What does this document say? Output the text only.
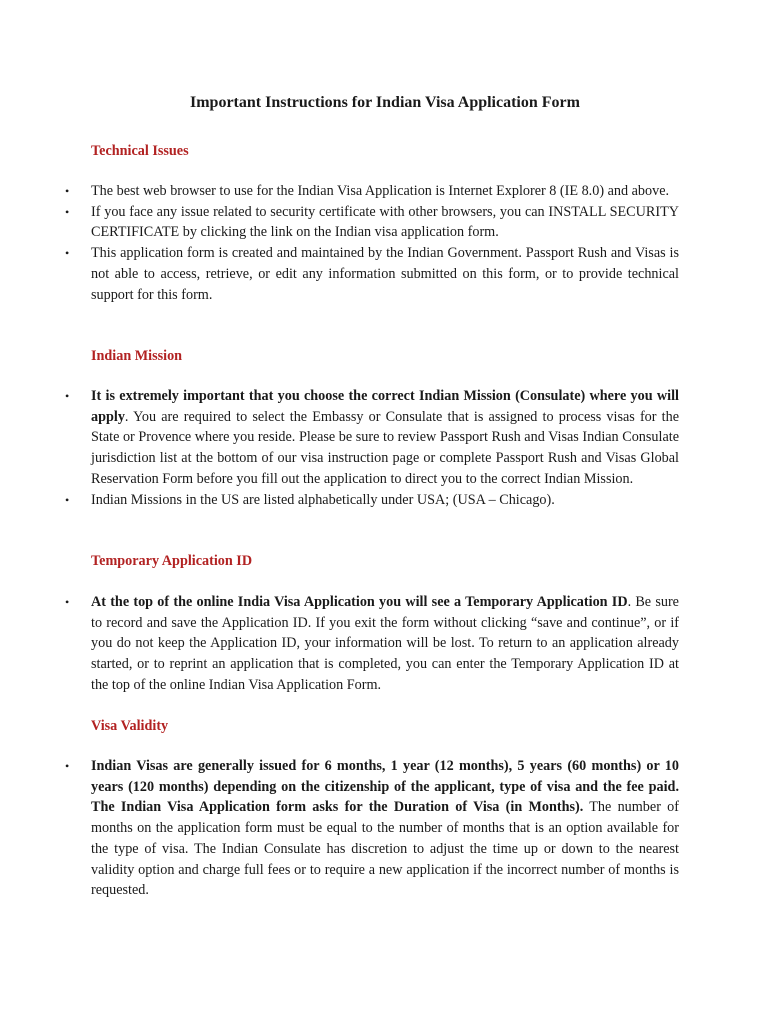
Important Instructions for Indian Visa Application Form
Technical Issues
• The best web browser to use for the Indian Visa Application is Internet Explorer 8 (IE 8.0) and above.
• If you face any issue related to security certificate with other browsers, you can INSTALL SECURITY CERTIFICATE by clicking the link on the Indian visa application form.
• This application form is created and maintained by the Indian Government. Passport Rush and Visas is not able to access, retrieve, or edit any information submitted on this form, or to provide technical support for this form.
Indian Mission
• It is extremely important that you choose the correct Indian Mission (Consulate) where you will apply. You are required to select the Embassy or Consulate that is assigned to process visas for the State or Provence where you reside. Please be sure to review Passport Rush and Visas Indian Consulate jurisdiction list at the bottom of our visa instruction page or complete Passport Rush and Visas Global Reservation Form before you fill out the application to direct you to the correct Indian Mission.
• Indian Missions in the US are listed alphabetically under USA; (USA – Chicago).
Temporary Application ID
• At the top of the online India Visa Application you will see a Temporary Application ID. Be sure to record and save the Application ID. If you exit the form without clicking “save and continue”, or if you do not keep the Application ID, your information will be lost. To return to an application already started, or to reprint an application that is completed, you can enter the Temporary Application ID at the top of the online Indian Visa Application Form.
Visa Validity
• Indian Visas are generally issued for 6 months, 1 year (12 months), 5 years (60 months) or 10 years (120 months) depending on the citizenship of the applicant, type of visa and the fee paid. The Indian Visa Application form asks for the Duration of Visa (in Months). The number of months on the application form must be equal to the number of months that is an option available for the type of visa. The Indian Consulate has discretion to adjust the time up or down to the nearest validity option and charge full fees or to require a new application if the incorrect number of months is requested.
